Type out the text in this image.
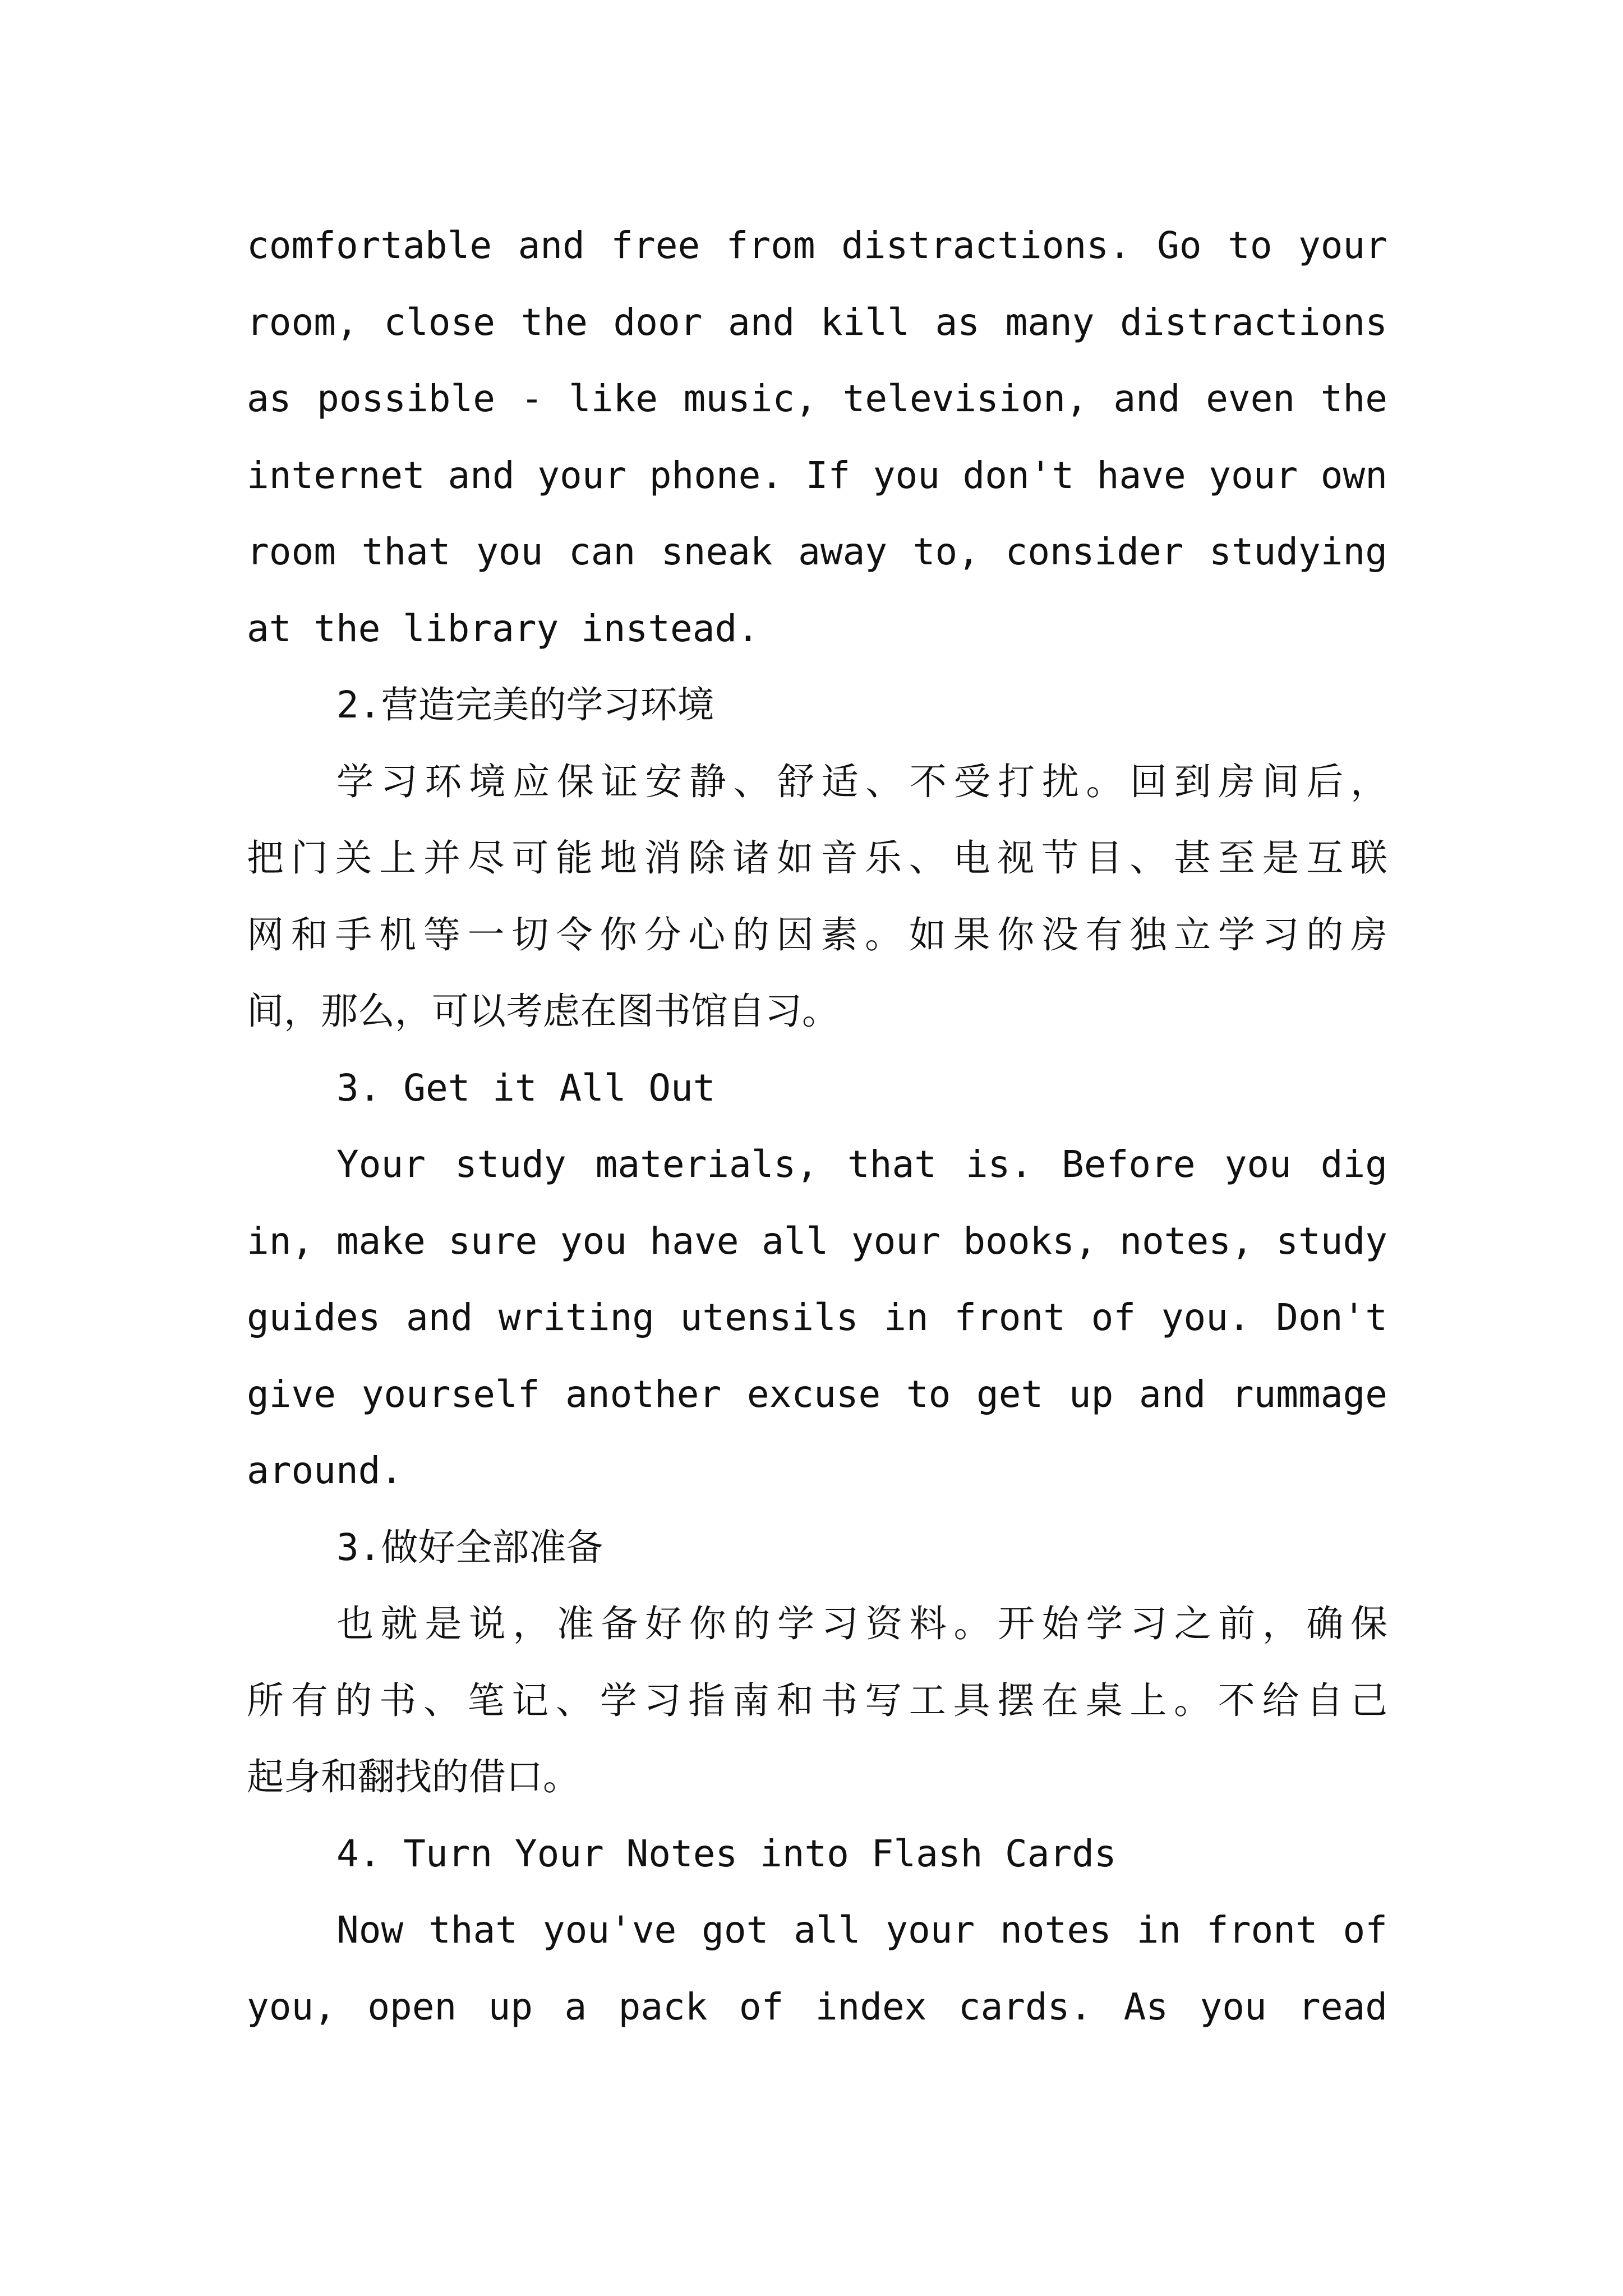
comfortable and free from distractions. Go to your
room, close the door and kill as many distractions
as possible - like music, television, and even the
internet and your phone. If you don't have your own
room that you can sneak away to, consider studying
at the library instead.
2.营造完美的学习环境
学习环境应保证安静、舒适、不受打扰。回到房间后，
把门关上并尽可能地消除诸如音乐、电视节目、甚至是互联
网和手机等一切令你分心的因素。如果你没有独立学习的房
间，那么，可以考虑在图书馆自习。
3. Get it All Out
Your study materials, that is. Before you dig
in, make sure you have all your books, notes, study
guides and writing utensils in front of you. Don't
give yourself another excuse to get up and rummage
around.
3.做好全部准备
也就是说，准备好你的学习资料。开始学习之前，确保
所有的书、笔记、学习指南和书写工具摆在桌上。不给自己
起身和翻找的借口。
4. Turn Your Notes into Flash Cards
Now that you've got all your notes in front of
you, open up a pack of index cards. As you read
